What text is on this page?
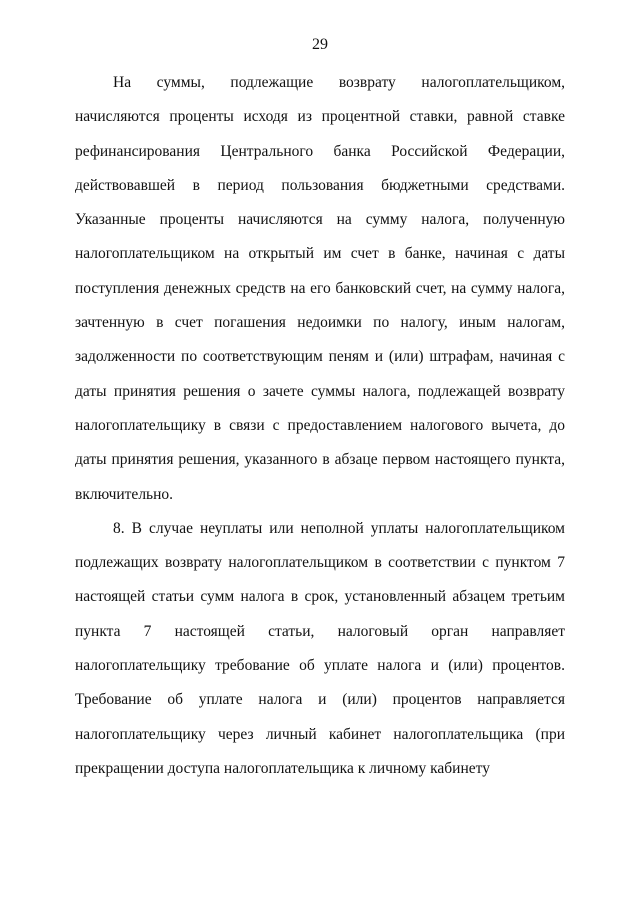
29

На суммы, подлежащие возврату налогоплательщиком, начисляются проценты исходя из процентной ставки, равной ставке рефинансирования Центрального банка Российской Федерации, действовавшей в период пользования бюджетными средствами. Указанные проценты начисляются на сумму налога, полученную налогоплательщиком на открытый им счет в банке, начиная с даты поступления денежных средств на его банковский счет, на сумму налога, зачтенную в счет погашения недоимки по налогу, иным налогам, задолженности по соответствующим пеням и (или) штрафам, начиная с даты принятия решения о зачете суммы налога, подлежащей возврату налогоплательщику в связи с предоставлением налогового вычета, до даты принятия решения, указанного в абзаце первом настоящего пункта, включительно.

8. В случае неуплаты или неполной уплаты налогоплательщиком подлежащих возврату налогоплательщиком в соответствии с пунктом 7 настоящей статьи сумм налога в срок, установленный абзацем третьим пункта 7 настоящей статьи, налоговый орган направляет налогоплательщику требование об уплате налога и (или) процентов. Требование об уплате налога и (или) процентов направляется налогоплательщику через личный кабинет налогоплательщика (при прекращении доступа налогоплательщика к личному кабинету
